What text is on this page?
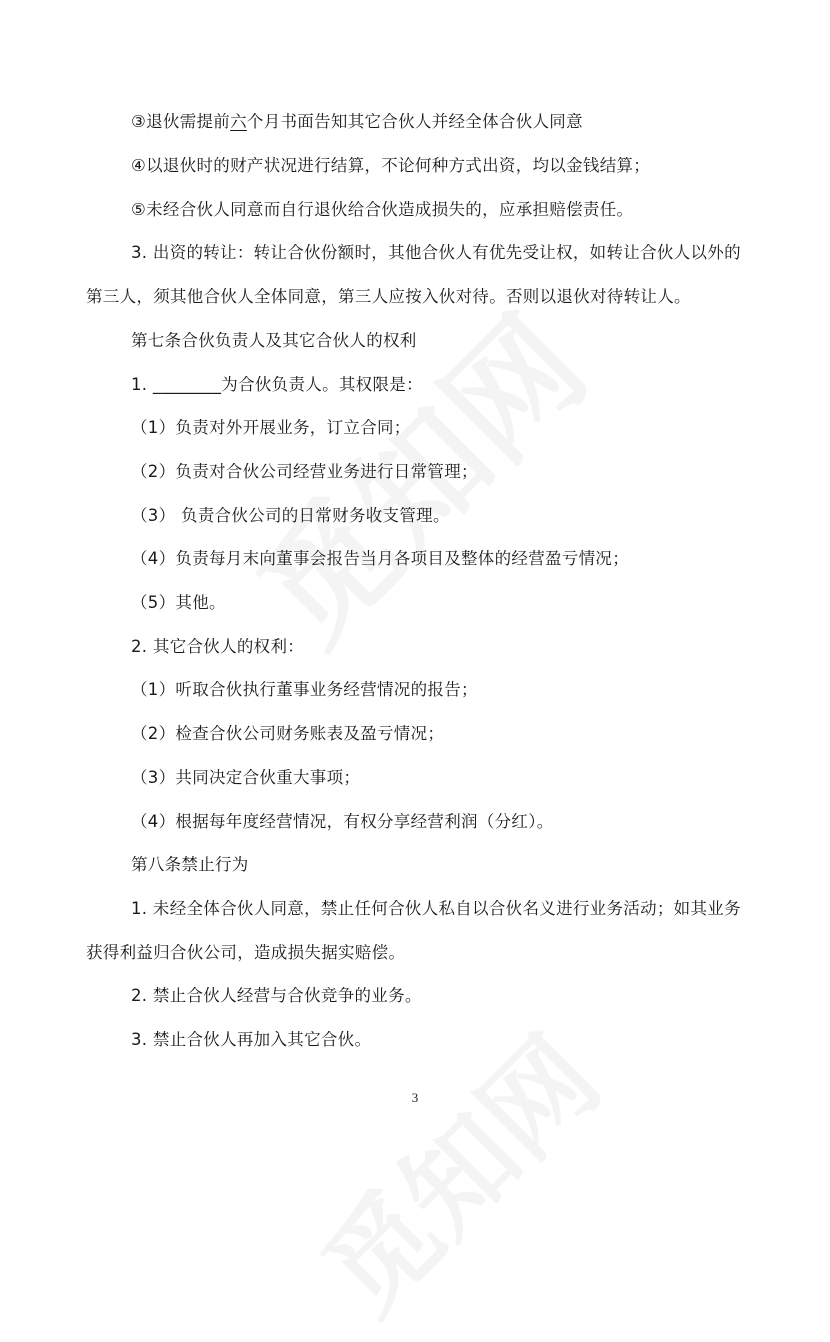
③退伙需提前六个月书面告知其它合伙人并经全体合伙人同意
④以退伙时的财产状况进行结算，不论何种方式出资，均以金钱结算；
⑤未经合伙人同意而自行退伙给合伙造成损失的，应承担赔偿责任。
3. 出资的转让：转让合伙份额时，其他合伙人有优先受让权，如转让合伙人以外的
第三人，须其他合伙人全体同意，第三人应按入伙对待。否则以退伙对待转让人。
第七条合伙负责人及其它合伙人的权利
1. ________为合伙负责人。其权限是：
（1）负责对外开展业务，订立合同；
（2）负责对合伙公司经营业务进行日常管理；
（3） 负责合伙公司的日常财务收支管理。
（4）负责每月末向董事会报告当月各项目及整体的经营盈亏情况；
（5）其他。
2. 其它合伙人的权利：
（1）听取合伙执行董事业务经营情况的报告；
（2）检查合伙公司财务账表及盈亏情况；
（3）共同决定合伙重大事项；
（4）根据每年度经营情况，有权分享经营利润（分红）。
第八条禁止行为
1. 未经全体合伙人同意，禁止任何合伙人私自以合伙名义进行业务活动；如其业务
获得利益归合伙公司，造成损失据实赔偿。
2. 禁止合伙人经营与合伙竞争的业务。
3. 禁止合伙人再加入其它合伙。
3
